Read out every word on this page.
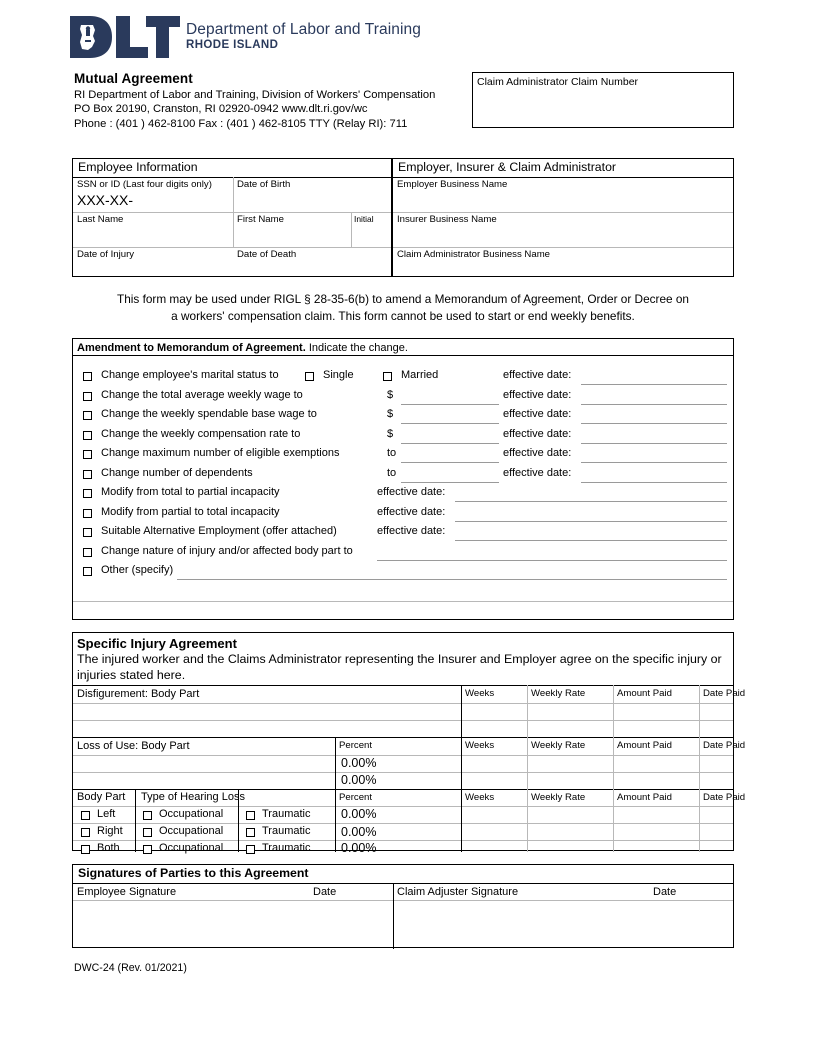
Department of Labor and Training
RHODE ISLAND
Mutual Agreement
RI Department of Labor and Training, Division of Workers' Compensation
PO Box 20190, Cranston, RI 02920-0942 www.dlt.ri.gov/wc
Phone : (401 ) 462-8100 Fax : (401 ) 462-8105 TTY (Relay RI): 711
Claim Administrator Claim Number
Employee Information
SSN or ID (Last four digits only)
XXX-XX-
Date of Birth
Last Name	First Name	Initial
Date of Injury	Date of Death
Employer, Insurer & Claim Administrator
Employer Business Name
Insurer Business Name
Claim Administrator Business Name
This form may be used under RIGL § 28-35-6(b) to amend a Memorandum of Agreement, Order or Decree on
a workers' compensation claim. This form cannot be used to start or end weekly benefits.
Amendment to Memorandum of Agreement. Indicate the change.
Change employee's marital status to	Single	Married	effective date:
Change the total average weekly wage to	$	effective date:
Change the weekly spendable base wage to	$	effective date:
Change the weekly compensation rate to	$	effective date:
Change maximum number of eligible exemptions	to	effective date:
Change number of dependents	to	effective date:
Modify from total to partial incapacity	effective date:
Modify from partial to total incapacity	effective date:
Suitable Alternative Employment (offer attached)	effective date:
Change nature of injury and/or affected body part to
Other (specify)
Specific Injury Agreement
The injured worker and the Claims Administrator representing the Insurer and Employer agree on the specific injury or injuries stated here.
Disfigurement: Body Part	Weeks	Weekly Rate	Amount Paid	Date Paid
Loss of Use: Body Part	Percent	Weeks	Weekly Rate	Amount Paid	Date Paid
0.00%
0.00%
Body Part Type of Hearing Loss	Percent	Weeks	Weekly Rate	Amount Paid	Date Paid
Left	Occupational	Traumatic 0.00%
Right	Occupational	Traumatic 0.00%
Both	Occupational	Traumatic 0.00%
Signatures of Parties to this Agreement
Employee Signature	Date	Claim Adjuster Signature	Date
DWC-24 (Rev. 01/2021)
